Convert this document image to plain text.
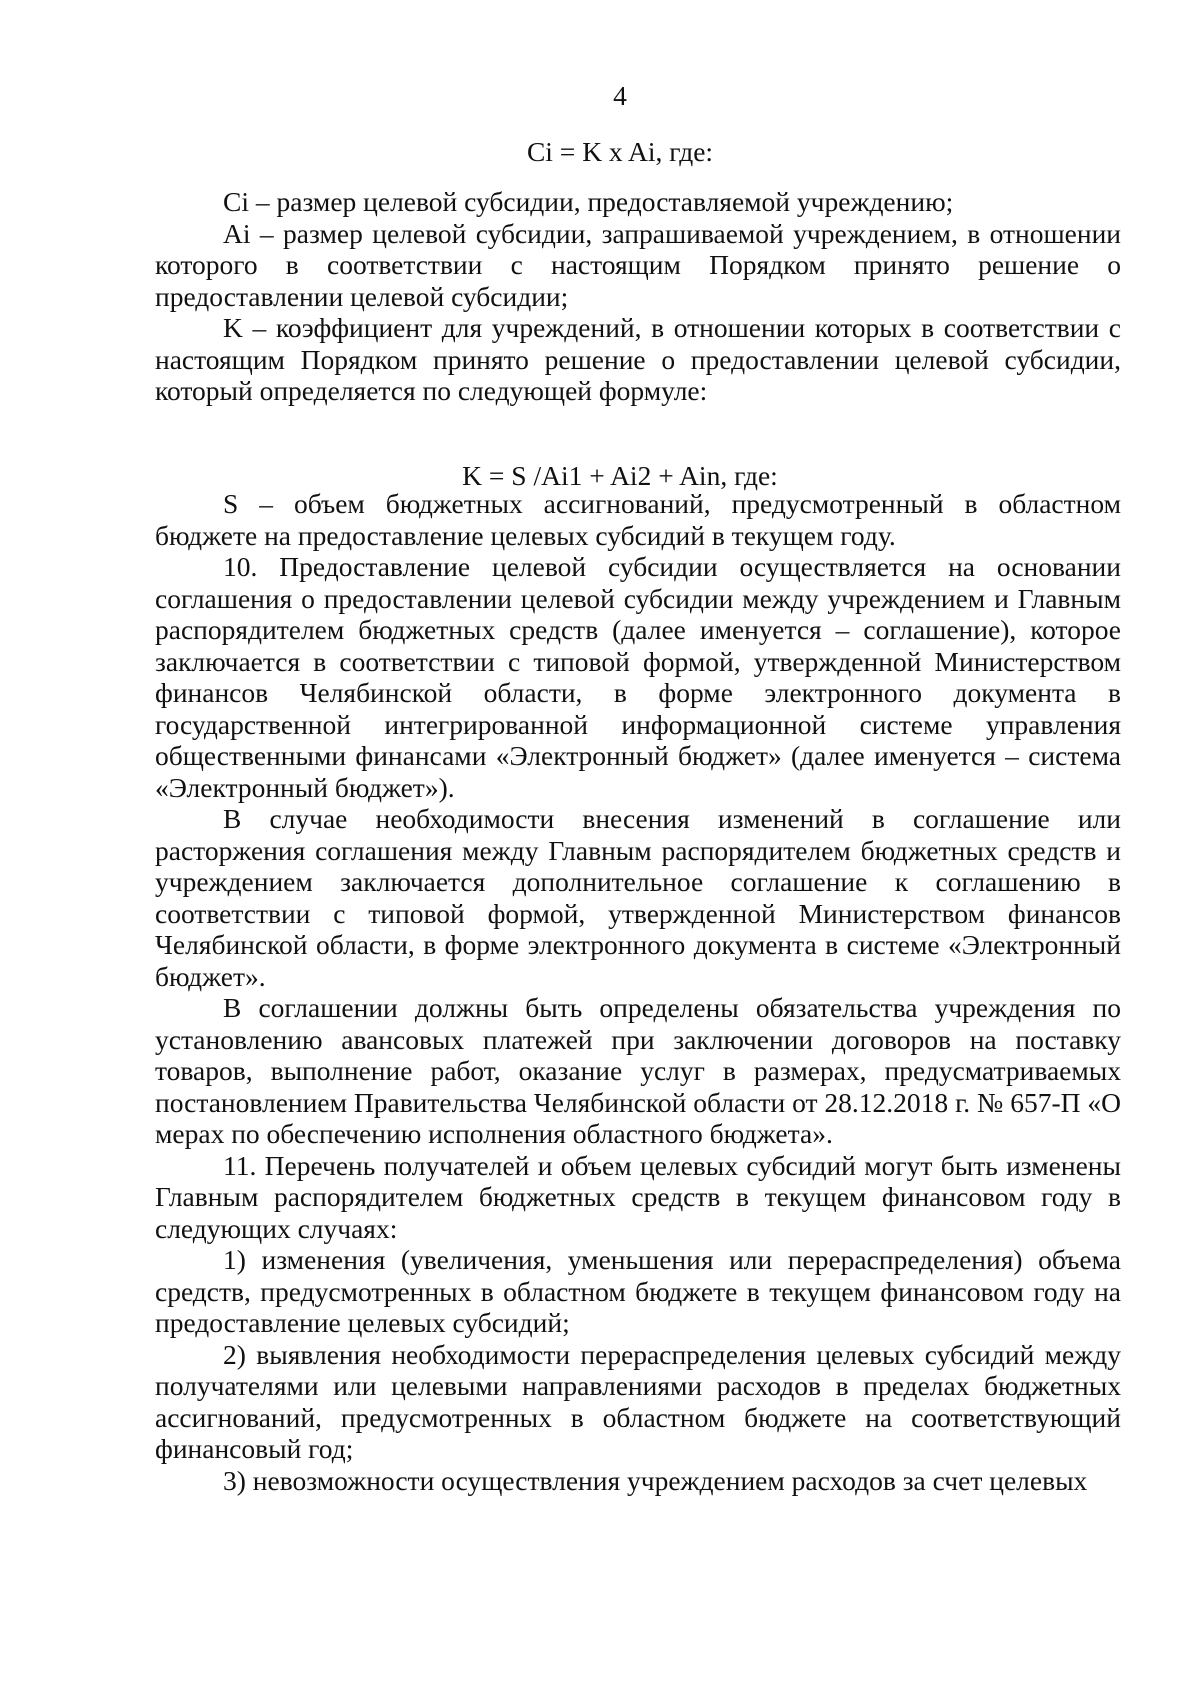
4
Ci = K x Ai, где:

Ci – размер целевой субсидии, предоставляемой учреждению;

Ai – размер целевой субсидии, запрашиваемой учреждением, в отношении которого в соответствии с настоящим Порядком принято решение о предоставлении целевой субсидии;

K – коэффициент для учреждений, в отношении которых в соответствии с настоящим Порядком принято решение о предоставлении целевой субсидии, который определяется по следующей формуле:

K = S /Ai1 + Ai2 + Ain, где:

S – объем бюджетных ассигнований, предусмотренный в областном бюджете на предоставление целевых субсидий в текущем году.

10. Предоставление целевой субсидии осуществляется на основании соглашения о предоставлении целевой субсидии между учреждением и Главным распорядителем бюджетных средств (далее именуется – соглашение), которое заключается в соответствии с типовой формой, утвержденной Министерством финансов Челябинской области, в форме электронного документа в государственной интегрированной информационной системе управления общественными финансами «Электронный бюджет» (далее именуется – система «Электронный бюджет»).

В случае необходимости внесения изменений в соглашение или расторжения соглашения между Главным распорядителем бюджетных средств и учреждением заключается дополнительное соглашение к соглашению в соответствии с типовой формой, утвержденной Министерством финансов Челябинской области, в форме электронного документа в системе «Электронный бюджет».

В соглашении должны быть определены обязательства учреждения по установлению авансовых платежей при заключении договоров на поставку товаров, выполнение работ, оказание услуг в размерах, предусматриваемых постановлением Правительства Челябинской области от 28.12.2018 г. № 657-П «О мерах по обеспечению исполнения областного бюджета».

11. Перечень получателей и объем целевых субсидий могут быть изменены Главным распорядителем бюджетных средств в текущем финансовом году в следующих случаях:

1) изменения (увеличения, уменьшения или перераспределения) объема средств, предусмотренных в областном бюджете в текущем финансовом году на предоставление целевых субсидий;

2) выявления необходимости перераспределения целевых субсидий между получателями или целевыми направлениями расходов в пределах бюджетных ассигнований, предусмотренных в областном бюджете на соответствующий финансовый год;

3) невозможности осуществления учреждением расходов за счет целевых
